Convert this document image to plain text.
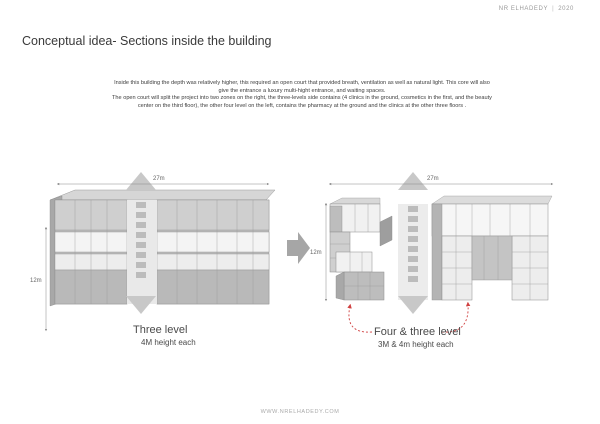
NR ELHADEDY | 2020
Conceptual idea- Sections inside the building

Inside this building the depth was relatively higher, this required an open court that provided breath, ventilation as well as natural light. This core will also give the entrance a luxury multi-hight entrance, and waiting spaces.

The open court will split the project into two zones on the right, the three-levels side contains (4 clinics in the ground, cosmetics in the first, and the beauty center on the third floor), the other four level on the left, contains the pharmacy at the ground and the clinics at the other three floors .

27m
12m
27m
12m
Three level
4M height each
Four & three level
3M & 4m height each
WWW.NRELHADEDY.COM
